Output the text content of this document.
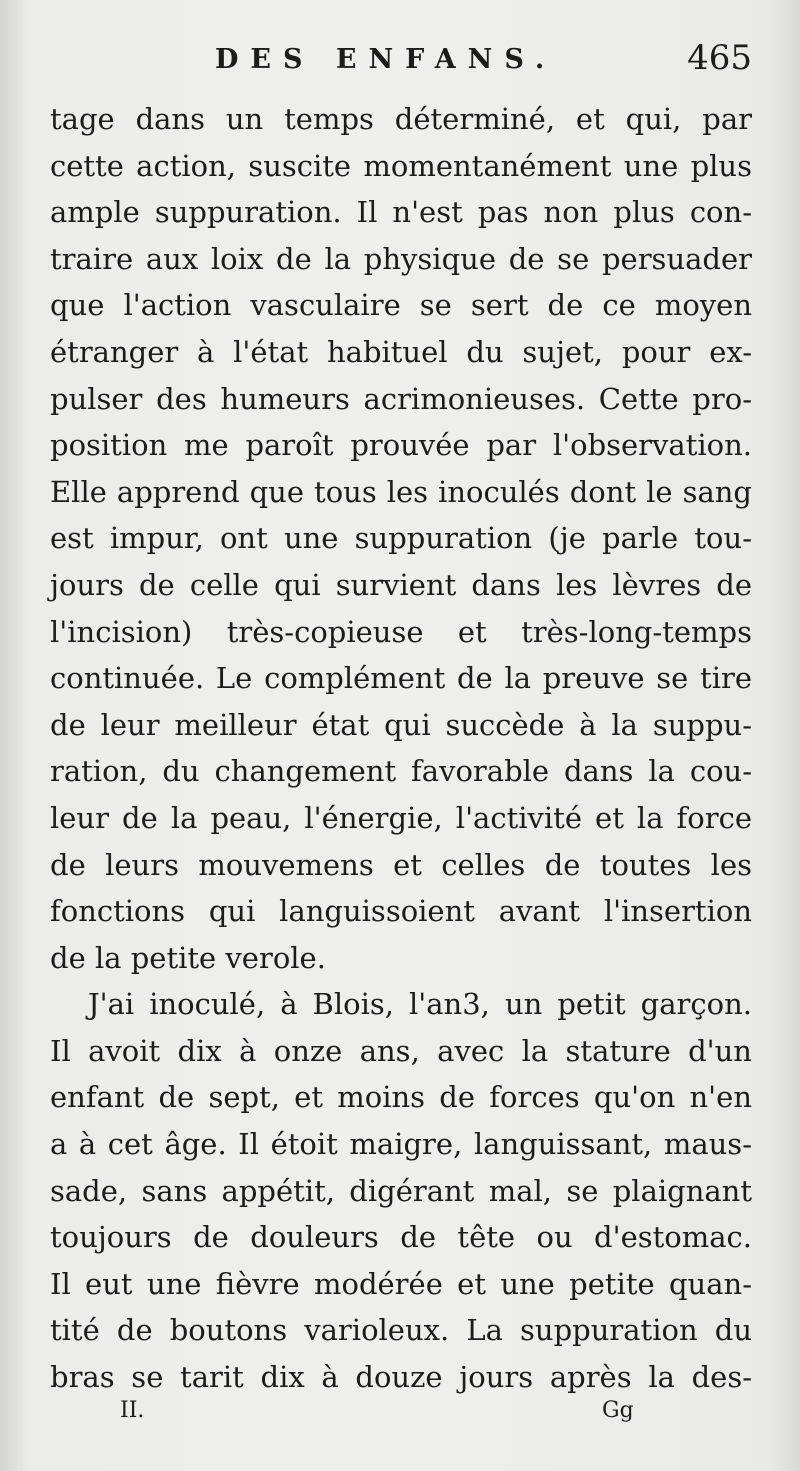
DES ENFANS.	465
tage dans un temps déterminé, et qui, par
cette action, suscite momentanément une plus
ample suppuration. Il n'est pas non plus con-
traire aux loix de la physique de se persuader
que l'action vasculaire se sert de ce moyen
étranger à l'état habituel du sujet, pour ex-
pulser des humeurs acrimonieuses. Cette pro-
position me paroît prouvée par l'observation.
Elle apprend que tous les inoculés dont le sang
est impur, ont une suppuration (je parle tou-
jours de celle qui survient dans les lèvres de
l'incision) très-copieuse et très-long-temps
continuée. Le complément de la preuve se tire
de leur meilleur état qui succède à la suppu-
ration, du changement favorable dans la cou-
leur de la peau, l'énergie, l'activité et la force
de leurs mouvemens et celles de toutes les
fonctions qui languissoient avant l'insertion
de la petite verole.
J'ai inoculé, à Blois, l'an3, un petit garçon.
Il avoit dix à onze ans, avec la stature d'un
enfant de sept, et moins de forces qu'on n'en
a à cet âge. Il étoit maigre, languissant, maus-
sade, sans appétit, digérant mal, se plaignant
toujours de douleurs de tête ou d'estomac.
Il eut une fièvre modérée et une petite quan-
tité de boutons varioleux. La suppuration du
bras se tarit dix à douze jours après la des-
II.	Gg
